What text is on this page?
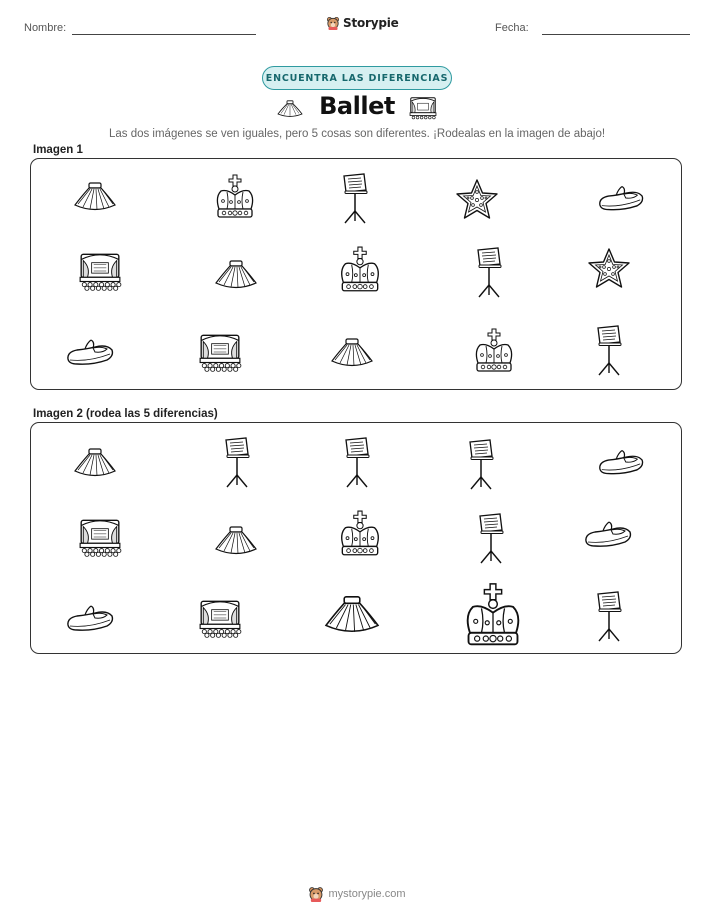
Nombre:	Storypie	Fecha:
ENCUENTRA LAS DIFERENCIAS
Ballet
Las dos imágenes se ven iguales, pero 5 cosas son diferentes. ¡Rodealas en la imagen de abajo!
Imagen 1
Imagen 2 (rodea las 5 diferencias)
mystorypie.com
